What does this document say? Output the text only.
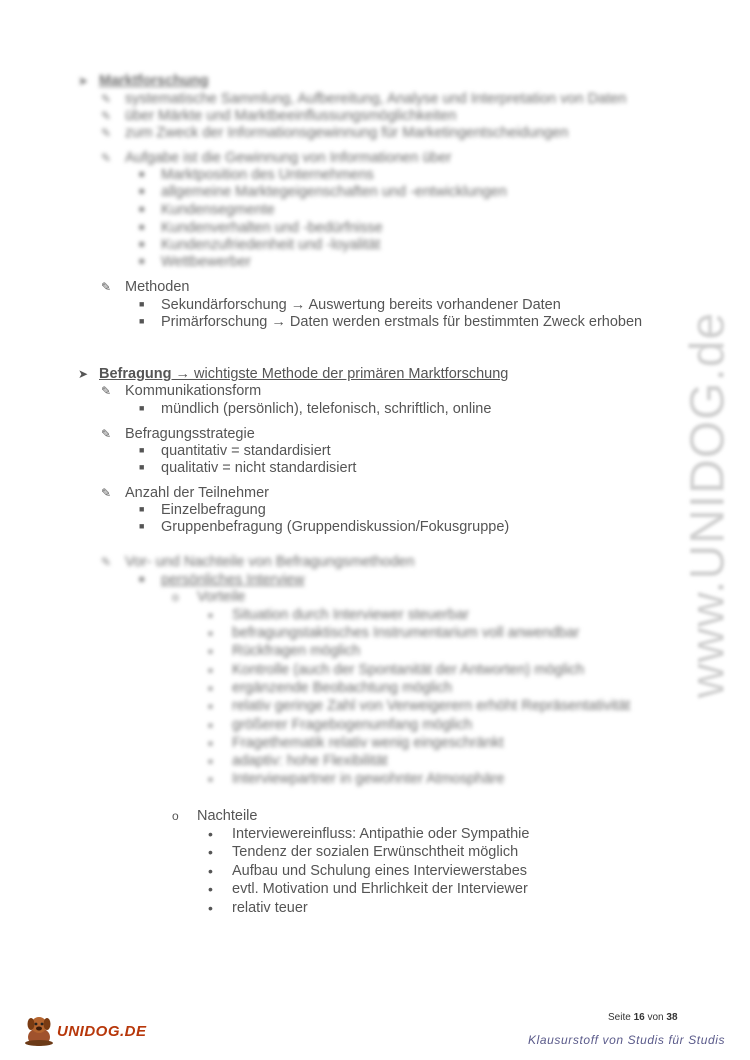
➤ Marktforschung
✎ systematische Sammlung, Aufbereitung, Analyse und Interpretation von Daten
✎ über Märkte und Marktbeeinflussungsmöglichkeiten
✎ zum Zweck der Informationsgewinnung für Marketingentscheidungen
✎ Aufgabe ist die Gewinnung von Informationen über
■ Marktposition des Unternehmens
■ allgemeine Marktegeigenschaften und -entwicklungen
■ Kundensegmente
■ Kundenverhalten und -bedürfnisse
■ Kundenzufriedenheit und -loyalität
■ Wettbewerber
✎ Methoden
■ Sekundärforschung → Auswertung bereits vorhandener Daten
■ Primärforschung → Daten werden erstmals für bestimmten Zweck erhoben
➤ Befragung → wichtigste Methode der primären Marktforschung
✎ Kommunikationsform
■ mündlich (persönlich), telefonisch, schriftlich, online
✎ Befragungsstrategie
■ quantitativ = standardisiert
■ qualitativ = nicht standardisiert
✎ Anzahl der Teilnehmer
■ Einzelbefragung
■ Gruppenbefragung (Gruppendiskussion/Fokusgruppe)
✎ Vor- und Nachteile von Befragungsmethoden
■ persönliches Interview
o Vorteile
• Situation durch Interviewer steuerbar
• befragungstaktisches Instrumentarium voll anwendbar
• Rückfragen möglich
• Kontrolle (auch der Spontanität der Antworten) möglich
• ergänzende Beobachtung möglich
• relativ geringe Zahl von Verweigerern erhöht Repräsentativität
• größerer Fragebogenumfang möglich
• Fragethematik relativ wenig eingeschränkt
• adaptiv: hohe Flexibilität
• Interviewpartner in gewohnter Atmosphäre
o Nachteile
• Interviewereinfluss: Antipathie oder Sympathie
• Tendenz der sozialen Erwünschtheit möglich
• Aufbau und Schulung eines Interviewerstabes
• evtl. Motivation und Ehrlichkeit der Interviewer
• relativ teuer
www.UNIDOG.de
Seite 16 von 38
Klausurstoff von Studis für Studis
UNIDOG.DE
